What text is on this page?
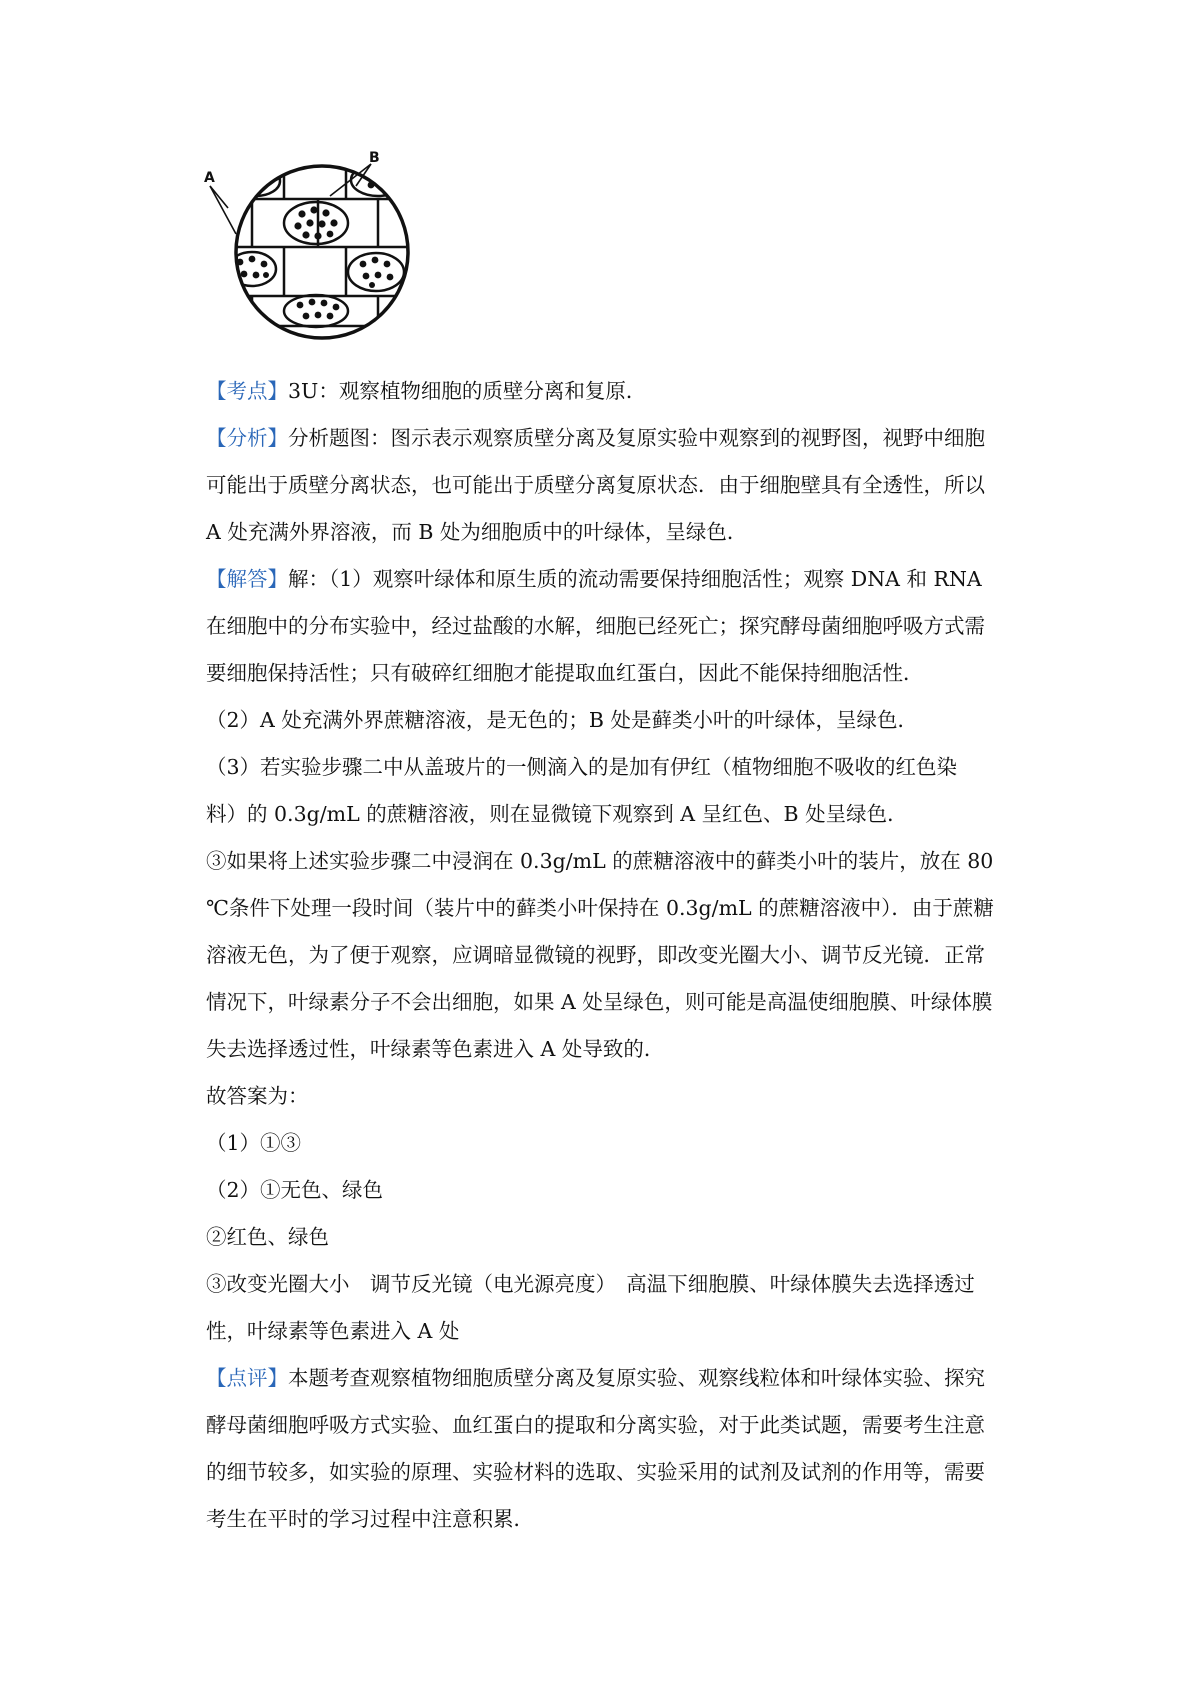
A
B

【考点】3U：观察植物细胞的质壁分离和复原．

【分析】分析题图：图示表示观察质壁分离及复原实验中观察到的视野图，视野中细胞
可能出于质壁分离状态，也可能出于质壁分离复原状态．由于细胞壁具有全透性，所以
A 处充满外界溶液，而 B 处为细胞质中的叶绿体，呈绿色．

【解答】解：（1）观察叶绿体和原生质的流动需要保持细胞活性；观察 DNA 和 RNA
在细胞中的分布实验中，经过盐酸的水解，细胞已经死亡；探究酵母菌细胞呼吸方式需
要细胞保持活性；只有破碎红细胞才能提取血红蛋白，因此不能保持细胞活性．

（2）A 处充满外界蔗糖溶液，是无色的；B 处是藓类小叶的叶绿体，呈绿色．

（3）若实验步骤二中从盖玻片的一侧滴入的是加有伊红（植物细胞不吸收的红色染
料）的 0.3g/mL 的蔗糖溶液，则在显微镜下观察到 A 呈红色、B 处呈绿色．

③如果将上述实验步骤二中浸润在 0.3g/mL 的蔗糖溶液中的藓类小叶的装片，放在 80
℃条件下处理一段时间（装片中的藓类小叶保持在 0.3g/mL 的蔗糖溶液中）．由于蔗糖
溶液无色，为了便于观察，应调暗显微镜的视野，即改变光圈大小、调节反光镜．正常
情况下，叶绿素分子不会出细胞，如果 A 处呈绿色，则可能是高温使细胞膜、叶绿体膜
失去选择透过性，叶绿素等色素进入 A 处导致的．

故答案为：

（1）①③

（2）①无色、绿色

②红色、绿色

③改变光圈大小　调节反光镜（电光源亮度）　高温下细胞膜、叶绿体膜失去选择透过
性，叶绿素等色素进入 A 处

【点评】本题考查观察植物细胞质壁分离及复原实验、观察线粒体和叶绿体实验、探究
酵母菌细胞呼吸方式实验、血红蛋白的提取和分离实验，对于此类试题，需要考生注意
的细节较多，如实验的原理、实验材料的选取、实验采用的试剂及试剂的作用等，需要
考生在平时的学习过程中注意积累．
